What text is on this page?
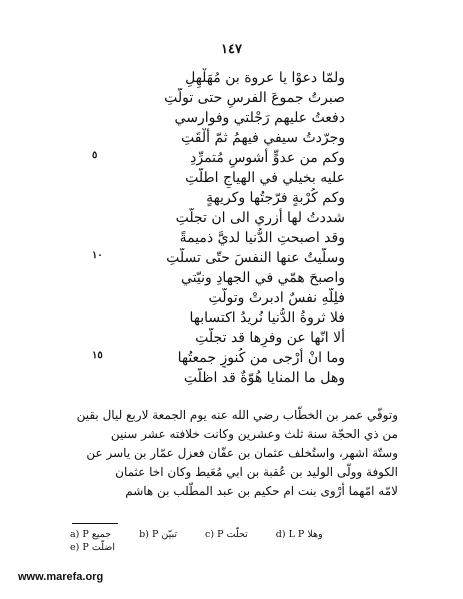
١٤٧
ولمّا دعوْا يا عروة بن مُهَلْهِلِ
صبرتُ جموعَ الفرسِ حتى تولّتِ
دفعتُ عليهم رَجْلتي وفوارسي
وجرّدتُ سيفي فيهمُ ثمّ ألْقَتِ
وكم من عدوٍّ أشوسٍ مُتمرِّدِ
عليه بخيلي في الهياجِ اطلّتِ
وكم كُرْبةٍ فرّجتُها وكريهةٍ
شددتُ لها أزري الى ان تجلّتِ
وقد اصبحتِ الدُّنيا لديَّ ذميمةً
وسلّيتُ عنها النفسَ حتّى تسلّتِ
واصبحَ همّي في الجهادِ ونيّتي
فلِلّهِ نفسٌ ادبرتْ وتولّتِ
فلا ثروةُ الدُّنيا نُريدُ اكتسابها
ألا انّها عن وفرِها قد تجلّتِ
وما انْ أرْجى من كُنوزٍ جمعتُها
وهل ما المنايا هُوّةٌ قد اظلّتِ
٥
١٠
١٥
وتوفّي عمر بن الخطّاب رضي الله عنه يوم الجمعة لاربع ليال بقين
من ذي الحجّة سنة ثلث وعشرين وكانت خلافته عشر سنين
وستّة اشهر، واستُخلف عثمان بن عفّان فعزل عمّار بن ياسر عن
الكوفة وولّى الوليد بن عُقبة بن ابي مُعَيط وكان اخا عثمان
لامّه امّهما أرْوى بنت ام حكيم بن عبد المطّلب بن هاشم
a) P جميع	b) P تبيّن	c) P تحلّت	d) L P وهلا
e) P اضلّت
www.marefa.org
